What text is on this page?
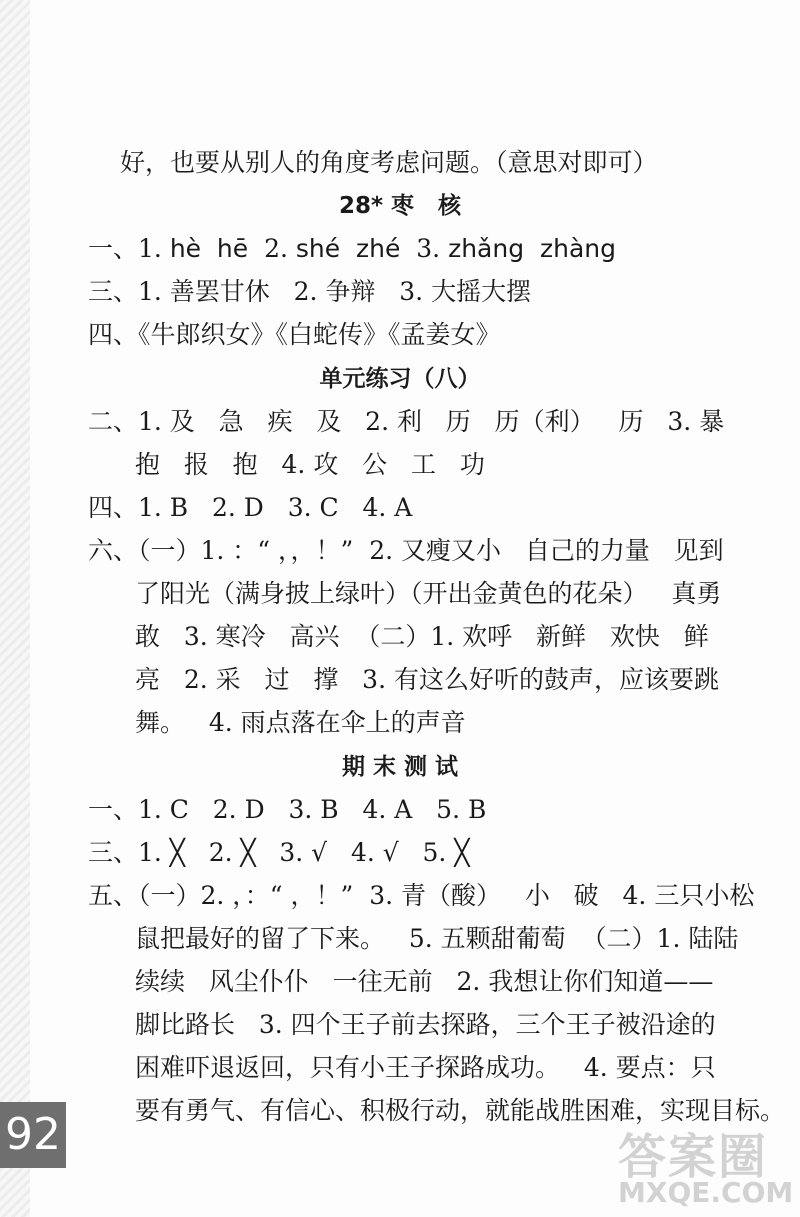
好，也要从别人的角度考虑问题。（意思对即可）
28* 枣   核
一、1. hè  hē  2. shé  zhé  3. zhǎng  zhàng
三、1. 善罢甘休   2. 争辩   3. 大摇大摆
四、《牛郎织女》《白蛇传》《孟姜女》
单元练习（八）
二、1. 及   急   疾   及   2. 利   历   历（利）   历   3. 暴
抱   报   抱   4. 攻   公   工   功
四、1. B   2. D   3. C   4. A
六、（一）1. ：“ ，，！”  2. 又瘦又小   自己的力量   见到
了阳光（满身披上绿叶）（开出金黄色的花朵）   真勇
敢   3. 寒冷   高兴  （二）1. 欢呼   新鲜   欢快   鲜
亮   2. 采   过   撑   3. 有这么好听的鼓声，应该要跳
舞。   4. 雨点落在伞上的声音
期 末 测 试
一、1. C   2. D   3. B   4. A   5. B
三、1. ╳   2. ╳   3. √   4. √   5. ╳
五、（一）2. ，：“ ，！”  3. 青（酸）   小   破   4. 三只小松
鼠把最好的留了下来。   5. 五颗甜葡萄  （二）1. 陆陆
续续   风尘仆仆   一往无前   2. 我想让你们知道——
脚比路长   3. 四个王子前去探路，三个王子被沿途的
困难吓退返回，只有小王子探路成功。   4. 要点：只
要有勇气、有信心、积极行动，就能战胜困难，实现目标。
92	答案圈
MXQE.COM
